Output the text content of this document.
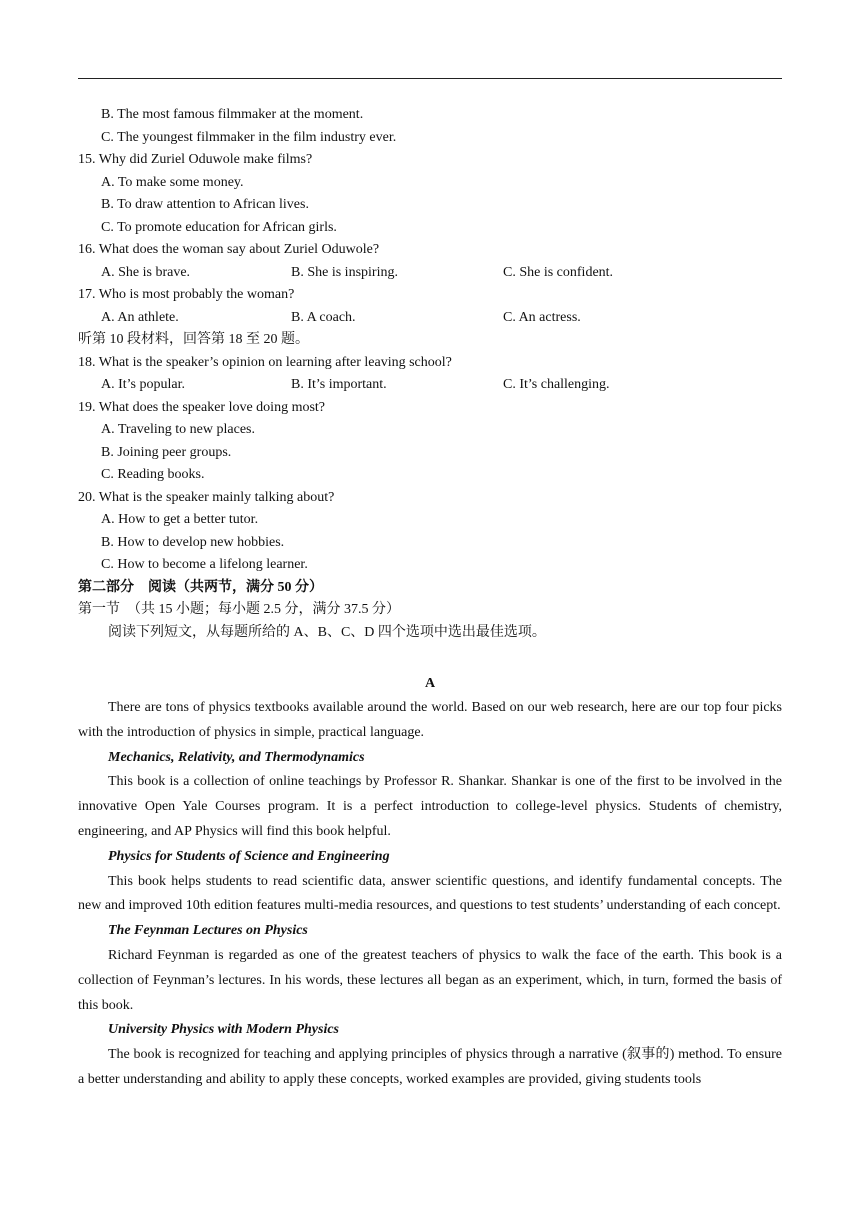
B. The most famous filmmaker at the moment.
C. The youngest filmmaker in the film industry ever.
15. Why did Zuriel Oduwole make films?
A. To make some money.
B. To draw attention to African lives.
C. To promote education for African girls.
16. What does the woman say about Zuriel Oduwole?
A. She is brave.	B. She is inspiring.	C. She is confident.
17. Who is most probably the woman?
A. An athlete.	B. A coach.	C. An actress.
听第 10 段材料，回答第 18 至 20 题。
18. What is the speaker’s opinion on learning after leaving school?
A. It’s popular.	B. It’s important.	C. It’s challenging.
19. What does the speaker love doing most?
A. Traveling to new places.
B. Joining peer groups.
C. Reading books.
20. What is the speaker mainly talking about?
A. How to get a better tutor.
B. How to develop new hobbies.
C. How to become a lifelong learner.
第二部分　阅读（共两节，满分 50 分）
第一节　（共 15 小题；每小题 2.5 分，满分 37.5 分）
阅读下列短文，从每题所给的 A、B、C、D 四个选项中选出最佳选项。
A

There are tons of physics textbooks available around the world. Based on our web research, here are our top four picks with the introduction of physics in simple, practical language.

Mechanics, Relativity, and Thermodynamics

This book is a collection of online teachings by Professor R. Shankar. Shankar is one of the first to be involved in the innovative Open Yale Courses program. It is a perfect introduction to college-level physics. Students of chemistry, engineering, and AP Physics will find this book helpful.

Physics for Students of Science and Engineering

This book helps students to read scientific data, answer scientific questions, and identify fundamental concepts. The new and improved 10th edition features multi-media resources, and questions to test students’ understanding of each concept.

The Feynman Lectures on Physics

Richard Feynman is regarded as one of the greatest teachers of physics to walk the face of the earth. This book is a collection of Feynman’s lectures. In his words, these lectures all began as an experiment, which, in turn, formed the basis of this book.

University Physics with Modern Physics

The book is recognized for teaching and applying principles of physics through a narrative (叙事的) method. To ensure a better understanding and ability to apply these concepts, worked examples are provided, giving students tools
